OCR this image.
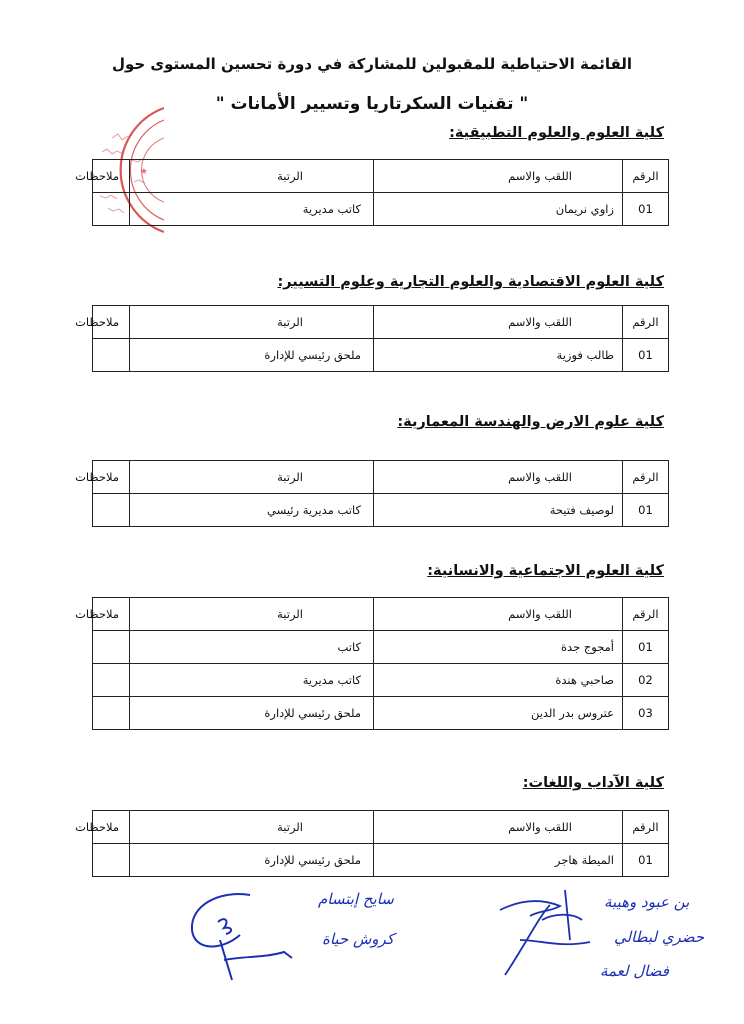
القائمة الاحتياطية للمقبولين للمشاركة في دورة تحسين المستوى حول
" تقنيات السكرتاريا وتسيير الأمانات "
★
كلية العلوم والعلوم التطبيقية:
الرقم	اللقب والاسم	الرتبة	ملاحظات
01	زاوي نريمان	كاتب مديرية	
كلية العلوم الاقتصادية والعلوم التجارية وعلوم التسيير:
الرقم	اللقب والاسم	الرتبة	ملاحظات
01	طالب فوزية	ملحق رئيسي للإدارة	
كلية علوم الارض والهندسة المعمارية:
الرقم	اللقب والاسم	الرتبة	ملاحظات
01	لوصيف فتيحة	كاتب مديرية رئيسي	
كلية العلوم الاجتماعية والانسانية:
الرقم	اللقب والاسم	الرتبة	ملاحظات
01	أمجوج جدة	كاتب	
02	صاحبي هندة	كاتب مديرية	
03	عتروس بدر الدين	ملحق رئيسي للإدارة	
كلية الآداب واللغات:
الرقم	اللقب والاسم	الرتبة	ملاحظات
01	الميطة هاجر	ملحق رئيسي للإدارة	
سايح إبتسام
كروش حياة
بن عبود وهيبة
حضري لبطالي
فضال لعمة
